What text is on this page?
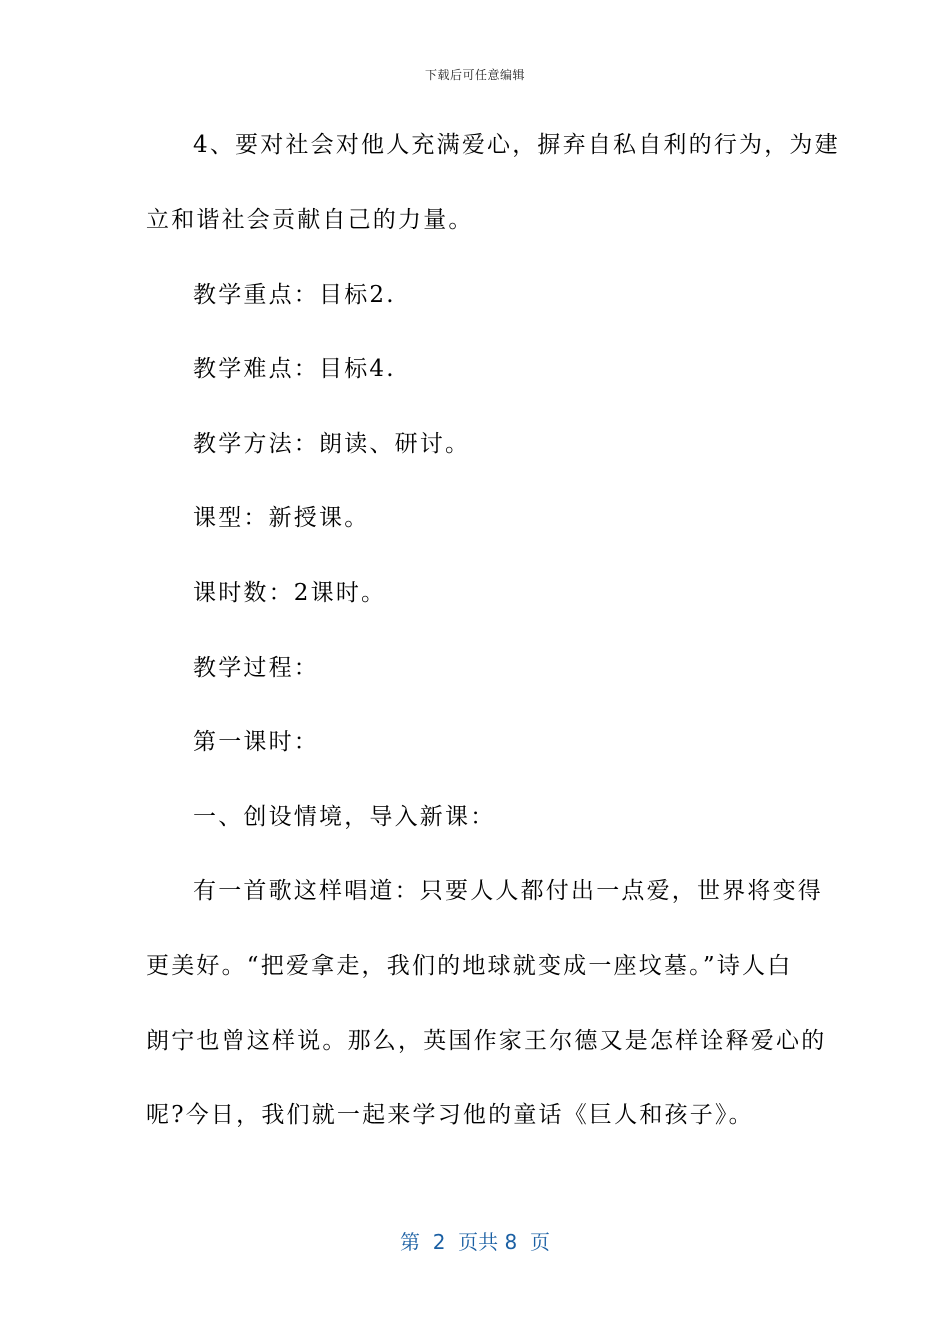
下载后可任意编辑
4、要对社会对他人充满爱心，摒弃自私自利的行为，为建
立和谐社会贡献自己的力量。
教学重点：目标2.
教学难点：目标4.
教学方法：朗读、研讨。
课型：新授课。
课时数：2课时。
教学过程：
第一课时：
一、创设情境，导入新课：
有一首歌这样唱道：只要人人都付出一点爱，世界将变得
更美好。“把爱拿走，我们的地球就变成一座坟墓。”诗人白
朗宁也曾这样说。那么，英国作家王尔德又是怎样诠释爱心的
呢?今日，我们就一起来学习他的童话《巨人和孩子》。
第  2  页共 8  页
